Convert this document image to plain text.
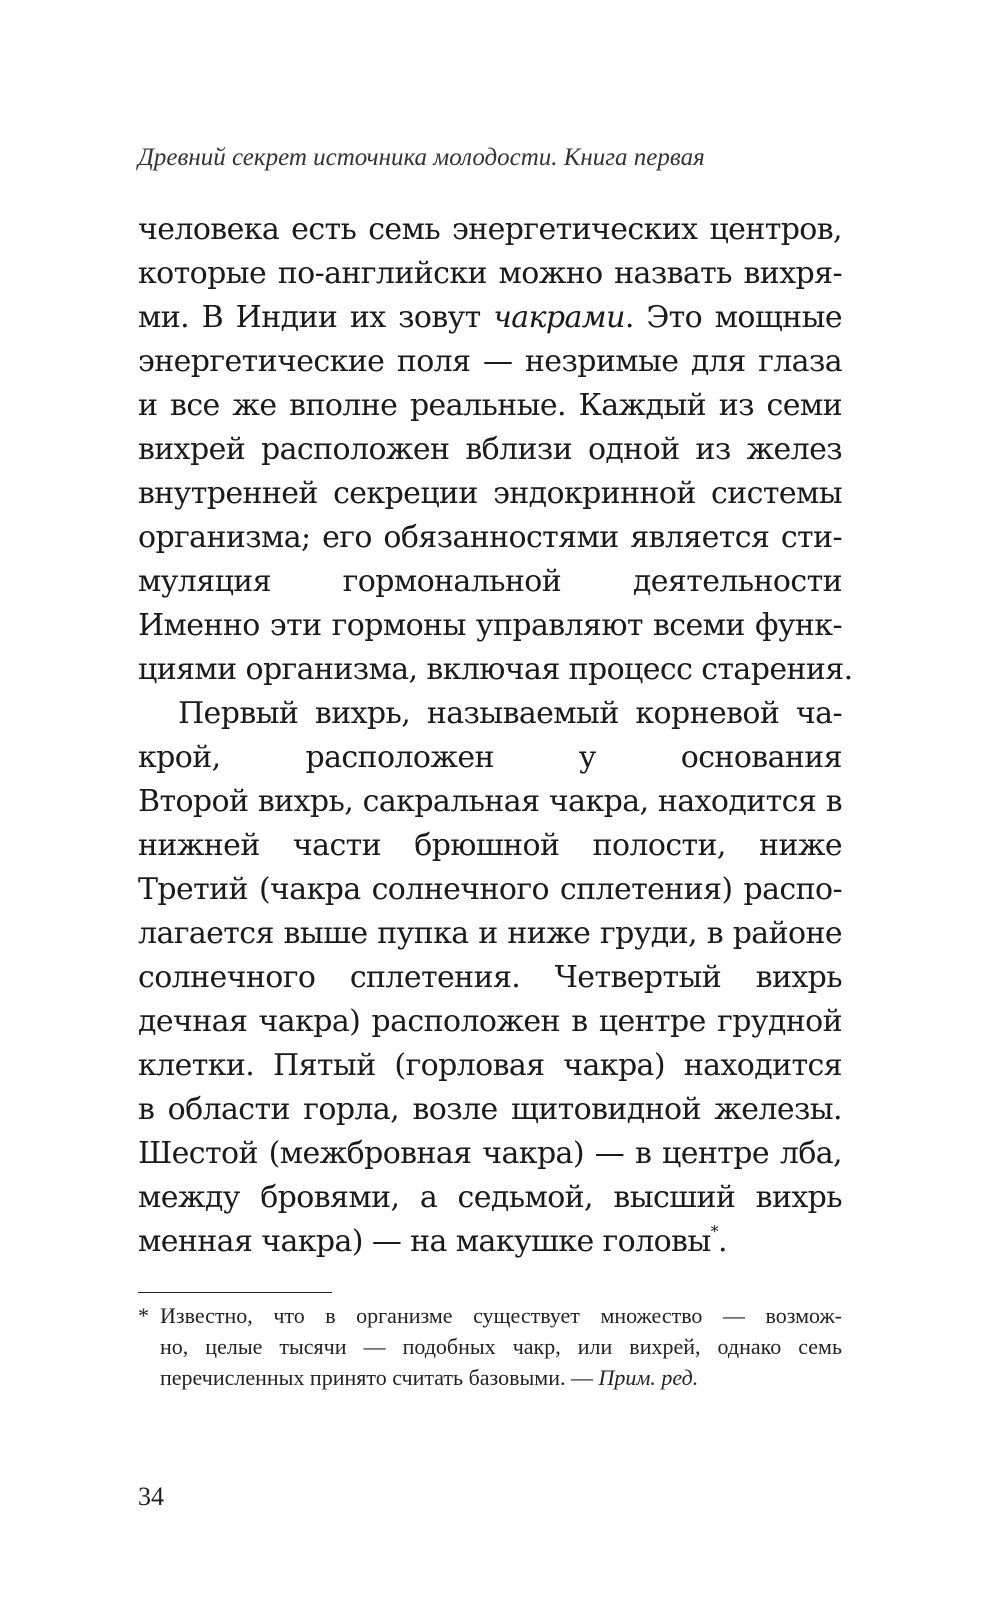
Древний секрет источника молодости. Книга первая
человека есть семь энергетических центров,
которые по-английски можно назвать вихря-
ми. В Индии их зовут чакрами. Это мощные
энергетические поля — незримые для глаза
и все же вполне реальные. Каждый из семи
вихрей расположен вблизи одной из желез
внутренней секреции эндокринной системы
организма; его обязанностями является сти-
муляция гормональной деятельности
Именно эти гормоны управляют всеми функ-
циями организма, включая процесс старения.
Первый вихрь, называемый корневой ча-
крой, расположен у основания
Второй вихрь, сакральная чакра, находится в
нижней части брюшной полости, ниже
Третий (чакра солнечного сплетения) распо-
лагается выше пупка и ниже груди, в районе
солнечного сплетения. Четвертый вихрь
дечная чакра) расположен в центре грудной
клетки. Пятый (горловая чакра) находится
в области горла, возле щитовидной железы.
Шестой (межбровная чакра) — в центре лба,
между бровями, а седьмой, высший вихрь
менная чакра) — на макушке головы*.
* Известно, что в организме существует множество — возмож-
но, целые тысячи — подобных чакр, или вихрей, однако семь
перечисленных принято считать базовыми. — Прим. ред.
34
